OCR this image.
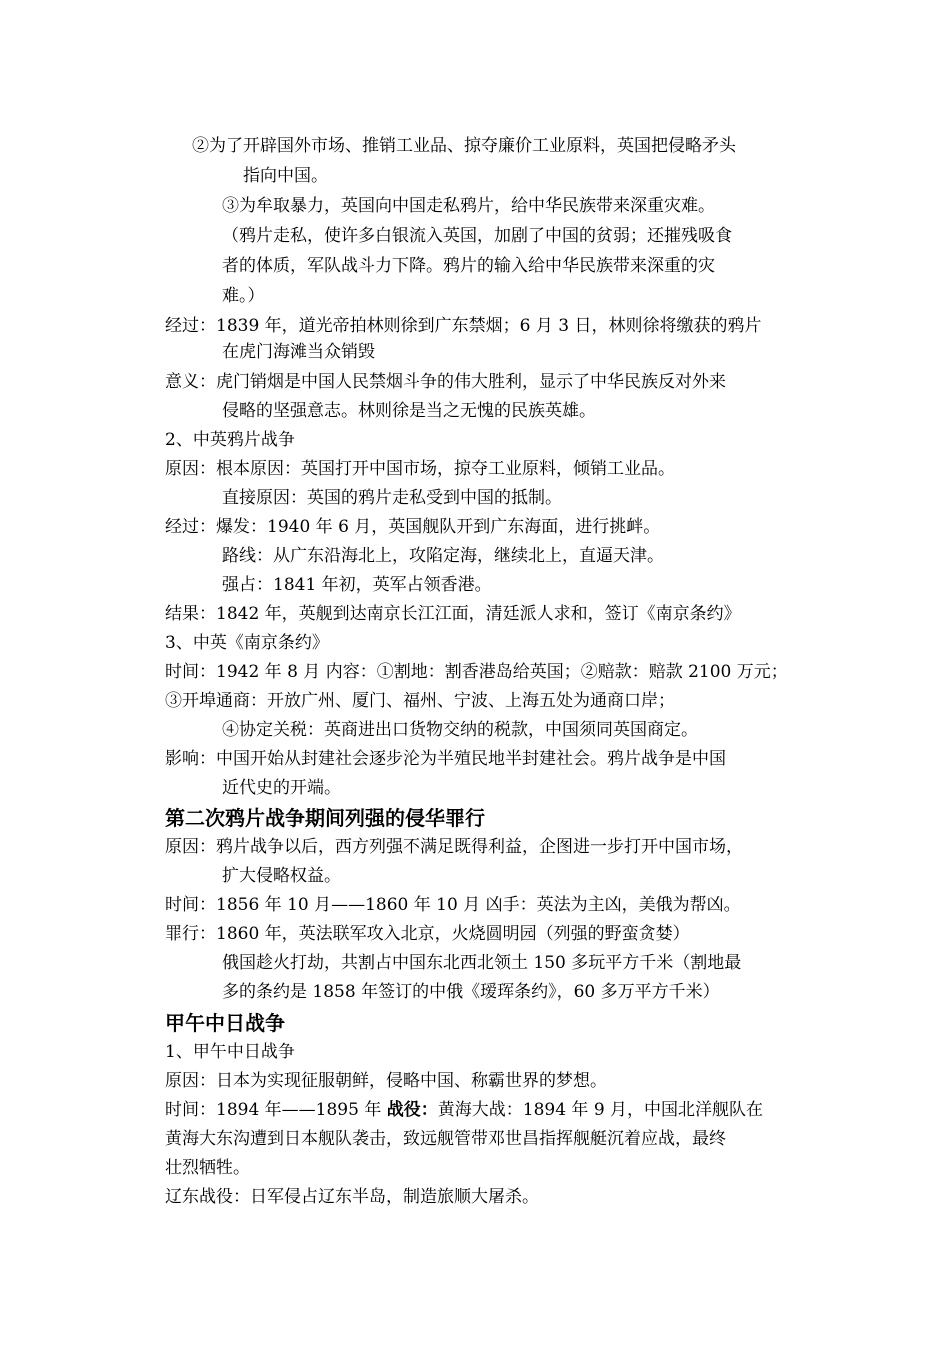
②为了开辟国外市场、推销工业品、掠夺廉价工业原料，英国把侵略矛头
指向中国。
③为牟取暴力，英国向中国走私鸦片，给中华民族带来深重灾难。
（鸦片走私，使许多白银流入英国，加剧了中国的贫弱；还摧残吸食
者的体质，军队战斗力下降。鸦片的输入给中华民族带来深重的灾
难。）
经过：1839 年，道光帝拍林则徐到广东禁烟；6 月 3 日，林则徐将缴获的鸦片
在虎门海滩当众销毁
意义：虎门销烟是中国人民禁烟斗争的伟大胜利，显示了中华民族反对外来
侵略的坚强意志。林则徐是当之无愧的民族英雄。
2、中英鸦片战争
原因：根本原因：英国打开中国市场，掠夺工业原料，倾销工业品。
直接原因：英国的鸦片走私受到中国的抵制。
经过：爆发：1940 年 6 月，英国舰队开到广东海面，进行挑衅。
路线：从广东沿海北上，攻陷定海，继续北上，直逼天津。
强占：1841 年初，英军占领香港。
结果：1842 年，英舰到达南京长江江面，清廷派人求和，签订《南京条约》
3、中英《南京条约》
时间：1942 年 8 月 内容：①割地：割香港岛给英国；②赔款：赔款 2100 万元；
③开埠通商：开放广州、厦门、福州、宁波、上海五处为通商口岸；
④协定关税：英商进出口货物交纳的税款，中国须同英国商定。
影响：中国开始从封建社会逐步沦为半殖民地半封建社会。鸦片战争是中国
近代史的开端。
第二次鸦片战争期间列强的侵华罪行
原因：鸦片战争以后，西方列强不满足既得利益，企图进一步打开中国市场，
扩大侵略权益。
时间：1856 年 10 月——1860 年 10 月 凶手：英法为主凶，美俄为帮凶。
罪行：1860 年，英法联军攻入北京，火烧圆明园（列强的野蛮贪婪）
俄国趁火打劫，共割占中国东北西北领土 150 多玩平方千米（割地最
多的条约是 1858 年签订的中俄《瑷珲条约》，60 多万平方千米）
甲午中日战争
1、甲午中日战争
原因：日本为实现征服朝鲜，侵略中国、称霸世界的梦想。
时间：1894 年——1895 年 战役：黄海大战：1894 年 9 月，中国北洋舰队在
黄海大东沟遭到日本舰队袭击，致远舰管带邓世昌指挥舰艇沉着应战，最终
壮烈牺牲。
辽东战役：日军侵占辽东半岛，制造旅顺大屠杀。
